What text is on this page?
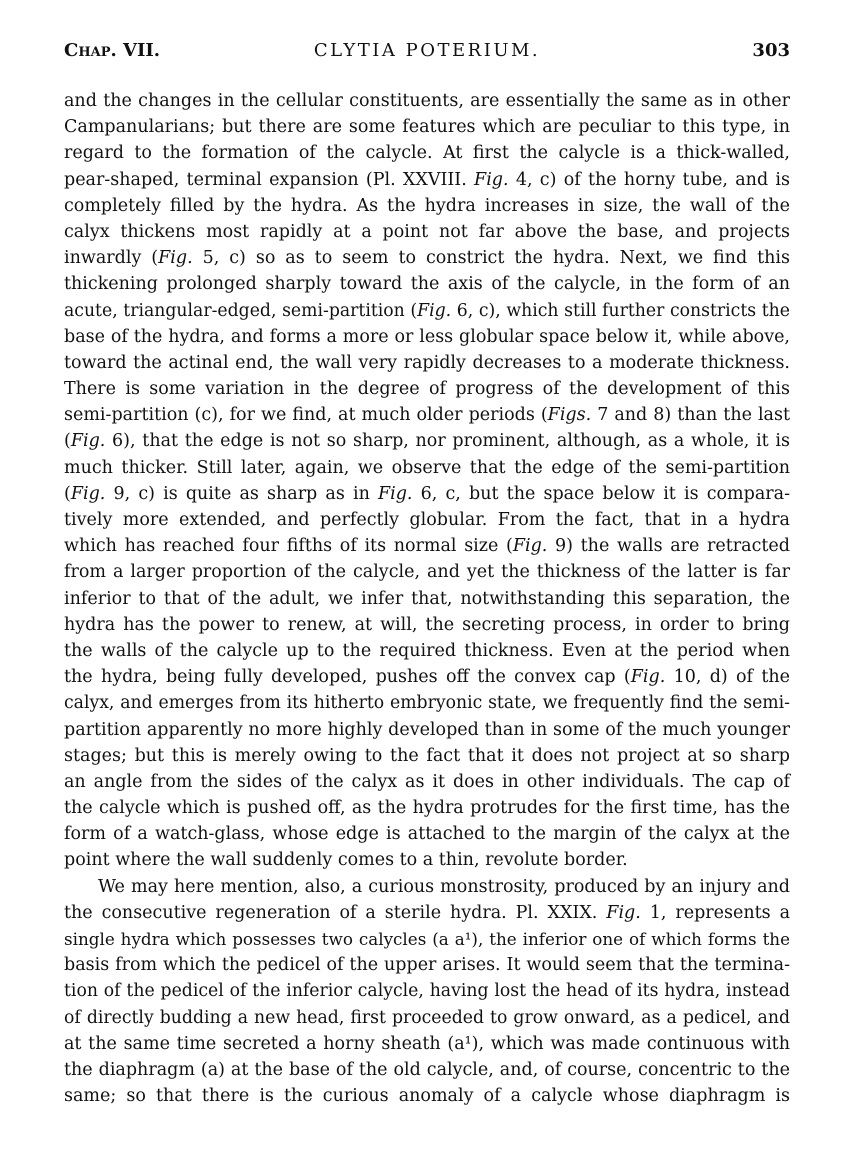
Chap. VII.	CLYTIA POTERIUM.	303
and the changes in the cellular constituents, are essentially the same as in other
Campanularians; but there are some features which are peculiar to this type, in
regard to the formation of the calycle. At first the calycle is a thick-walled,
pear-shaped, terminal expansion (Pl. XXVIII. Fig. 4, c) of the horny tube, and is
completely filled by the hydra. As the hydra increases in size, the wall of the
calyx thickens most rapidly at a point not far above the base, and projects
inwardly (Fig. 5, c) so as to seem to constrict the hydra. Next, we find this
thickening prolonged sharply toward the axis of the calycle, in the form of an
acute, triangular-edged, semi-partition (Fig. 6, c), which still further constricts the
base of the hydra, and forms a more or less globular space below it, while above,
toward the actinal end, the wall very rapidly decreases to a moderate thickness.
There is some variation in the degree of progress of the development of this
semi-partition (c), for we find, at much older periods (Figs. 7 and 8) than the last
(Fig. 6), that the edge is not so sharp, nor prominent, although, as a whole, it is
much thicker. Still later, again, we observe that the edge of the semi-partition
(Fig. 9, c) is quite as sharp as in Fig. 6, c, but the space below it is compara-
tively more extended, and perfectly globular. From the fact, that in a hydra
which has reached four fifths of its normal size (Fig. 9) the walls are retracted
from a larger proportion of the calycle, and yet the thickness of the latter is far
inferior to that of the adult, we infer that, notwithstanding this separation, the
hydra has the power to renew, at will, the secreting process, in order to bring
the walls of the calycle up to the required thickness. Even at the period when
the hydra, being fully developed, pushes off the convex cap (Fig. 10, d) of the
calyx, and emerges from its hitherto embryonic state, we frequently find the semi-
partition apparently no more highly developed than in some of the much younger
stages; but this is merely owing to the fact that it does not project at so sharp
an angle from the sides of the calyx as it does in other individuals. The cap of
the calycle which is pushed off, as the hydra protrudes for the first time, has the
form of a watch-glass, whose edge is attached to the margin of the calyx at the
point where the wall suddenly comes to a thin, revolute border.
We may here mention, also, a curious monstrosity, produced by an injury and
the consecutive regeneration of a sterile hydra. Pl. XXIX. Fig. 1, represents a
single hydra which possesses two calycles (a a¹), the inferior one of which forms the
basis from which the pedicel of the upper arises. It would seem that the termina-
tion of the pedicel of the inferior calycle, having lost the head of its hydra, instead
of directly budding a new head, first proceeded to grow onward, as a pedicel, and
at the same time secreted a horny sheath (a¹), which was made continuous with
the diaphragm (a) at the base of the old calycle, and, of course, concentric to the
same; so that there is the curious anomaly of a calycle whose diaphragm is
